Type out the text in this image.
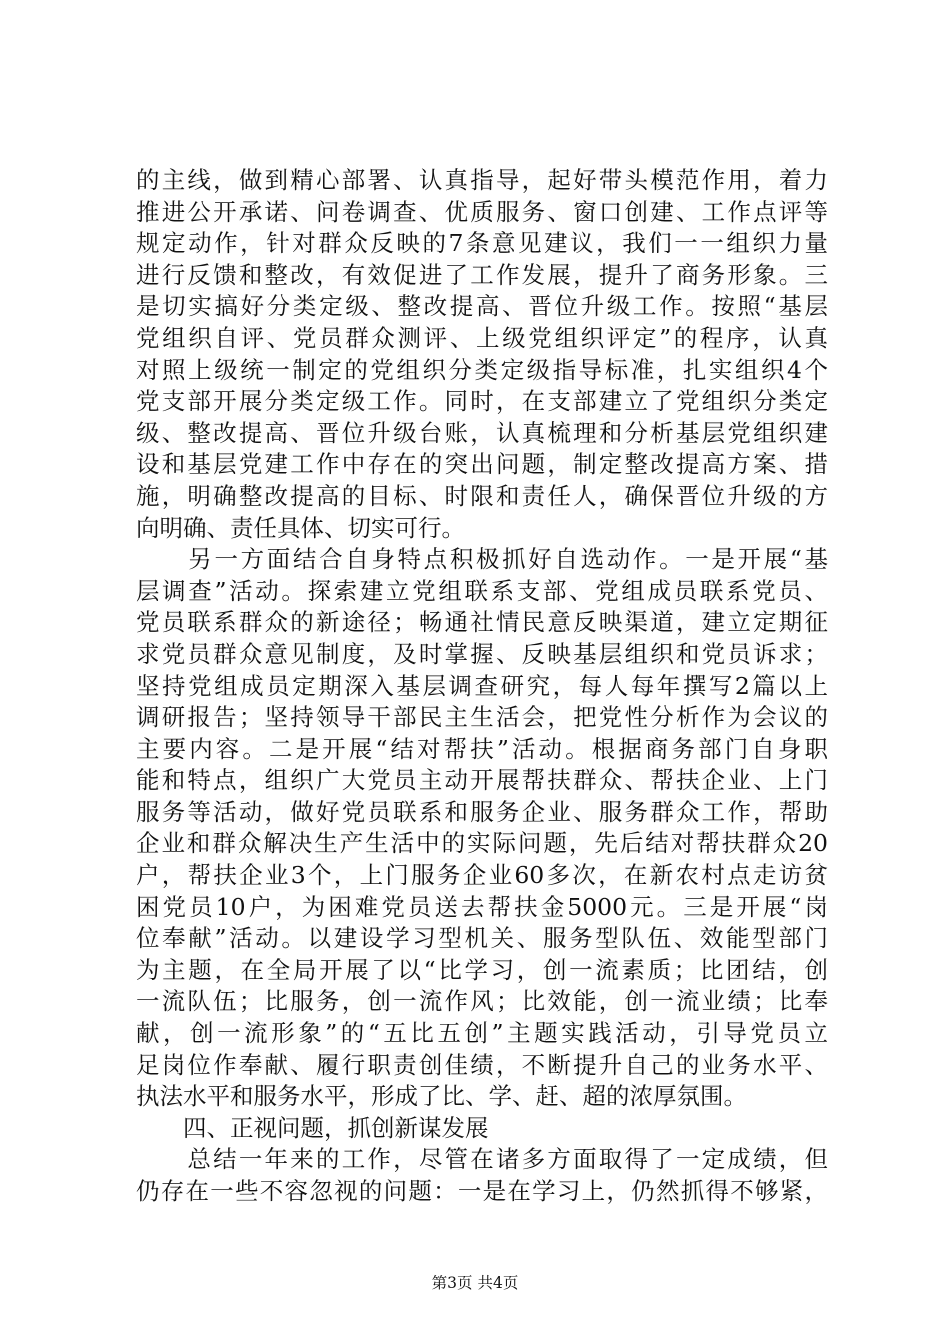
的主线，做到精心部署、认真指导，起好带头模范作用，着力
推进公开承诺、问卷调查、优质服务、窗口创建、工作点评等
规定动作，针对群众反映的7条意见建议，我们一一组织力量
进行反馈和整改，有效促进了工作发展，提升了商务形象。三
是切实搞好分类定级、整改提高、晋位升级工作。按照“基层
党组织自评、党员群众测评、上级党组织评定”的程序，认真
对照上级统一制定的党组织分类定级指导标准，扎实组织4个
党支部开展分类定级工作。同时，在支部建立了党组织分类定
级、整改提高、晋位升级台账，认真梳理和分析基层党组织建
设和基层党建工作中存在的突出问题，制定整改提高方案、措
施，明确整改提高的目标、时限和责任人，确保晋位升级的方
向明确、责任具体、切实可行。
　　另一方面结合自身特点积极抓好自选动作。一是开展“基
层调查”活动。探索建立党组联系支部、党组成员联系党员、
党员联系群众的新途径；畅通社情民意反映渠道，建立定期征
求党员群众意见制度，及时掌握、反映基层组织和党员诉求；
坚持党组成员定期深入基层调查研究，每人每年撰写2篇以上
调研报告；坚持领导干部民主生活会，把党性分析作为会议的
主要内容。二是开展“结对帮扶”活动。根据商务部门自身职
能和特点，组织广大党员主动开展帮扶群众、帮扶企业、上门
服务等活动，做好党员联系和服务企业、服务群众工作，帮助
企业和群众解决生产生活中的实际问题，先后结对帮扶群众20
户，帮扶企业3个，上门服务企业60多次，在新农村点走访贫
困党员10户，为困难党员送去帮扶金5000元。三是开展“岗
位奉献”活动。以建设学习型机关、服务型队伍、效能型部门
为主题，在全局开展了以“比学习，创一流素质；比团结，创
一流队伍；比服务，创一流作风；比效能，创一流业绩；比奉
献，创一流形象”的“五比五创”主题实践活动，引导党员立
足岗位作奉献、履行职责创佳绩，不断提升自己的业务水平、
执法水平和服务水平，形成了比、学、赶、超的浓厚氛围。
　　四、正视问题，抓创新谋发展
　　总结一年来的工作，尽管在诸多方面取得了一定成绩，但
仍存在一些不容忽视的问题：一是在学习上，仍然抓得不够紧，
第3页 共4页
